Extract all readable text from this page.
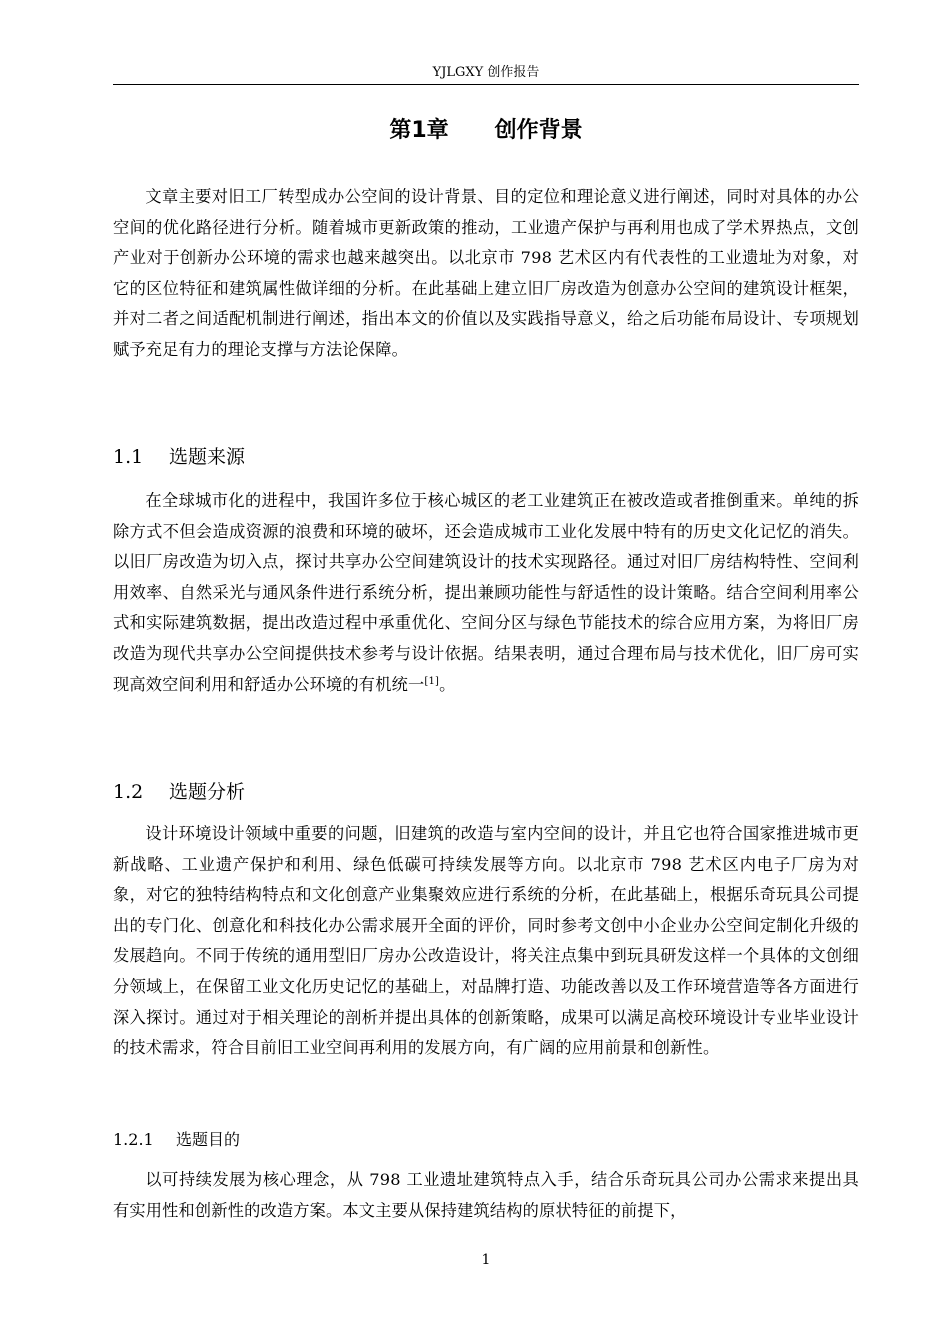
YJLGXY 创作报告
第1章 创作背景

文章主要对旧工厂转型成办公空间的设计背景、目的定位和理论意义进行阐述，同时对具体的办公空间的优化路径进行分析。随着城市更新政策的推动，工业遗产保护与再利用也成了学术界热点，文创产业对于创新办公环境的需求也越来越突出。以北京市 798 艺术区内有代表性的工业遗址为对象，对它的区位特征和建筑属性做详细的分析。在此基础上建立旧厂房改造为创意办公空间的建筑设计框架，并对二者之间适配机制进行阐述，指出本文的价值以及实践指导意义，给之后功能布局设计、专项规划赋予充足有力的理论支撑与方法论保障。

1.1 选题来源

在全球城市化的进程中，我国许多位于核心城区的老工业建筑正在被改造或者推倒重来。单纯的拆除方式不但会造成资源的浪费和环境的破坏，还会造成城市工业化发展中特有的历史文化记忆的消失。以旧厂房改造为切入点，探讨共享办公空间建筑设计的技术实现路径。通过对旧厂房结构特性、空间利用效率、自然采光与通风条件进行系统分析，提出兼顾功能性与舒适性的设计策略。结合空间利用率公式和实际建筑数据，提出改造过程中承重优化、空间分区与绿色节能技术的综合应用方案，为将旧厂房改造为现代共享办公空间提供技术参考与设计依据。结果表明，通过合理布局与技术优化，旧厂房可实现高效空间利用和舒适办公环境的有机统一[1]。

1.2 选题分析

设计环境设计领域中重要的问题，旧建筑的改造与室内空间的设计，并且它也符合国家推进城市更新战略、工业遗产保护和利用、绿色低碳可持续发展等方向。以北京市 798 艺术区内电子厂房为对象，对它的独特结构特点和文化创意产业集聚效应进行系统的分析，在此基础上，根据乐奇玩具公司提出的专门化、创意化和科技化办公需求展开全面的评价，同时参考文创中小企业办公空间定制化升级的发展趋向。不同于传统的通用型旧厂房办公改造设计，将关注点集中到玩具研发这样一个具体的文创细分领域上，在保留工业文化历史记忆的基础上，对品牌打造、功能改善以及工作环境营造等各方面进行深入探讨。通过对于相关理论的剖析并提出具体的创新策略，成果可以满足高校环境设计专业毕业设计的技术需求，符合目前旧工业空间再利用的发展方向，有广阔的应用前景和创新性。

1.2.1 选题目的

以可持续发展为核心理念，从 798 工业遗址建筑特点入手，结合乐奇玩具公司办公需求来提出具有实用性和创新性的改造方案。本文主要从保持建筑结构的原状特征的前提下，

1
